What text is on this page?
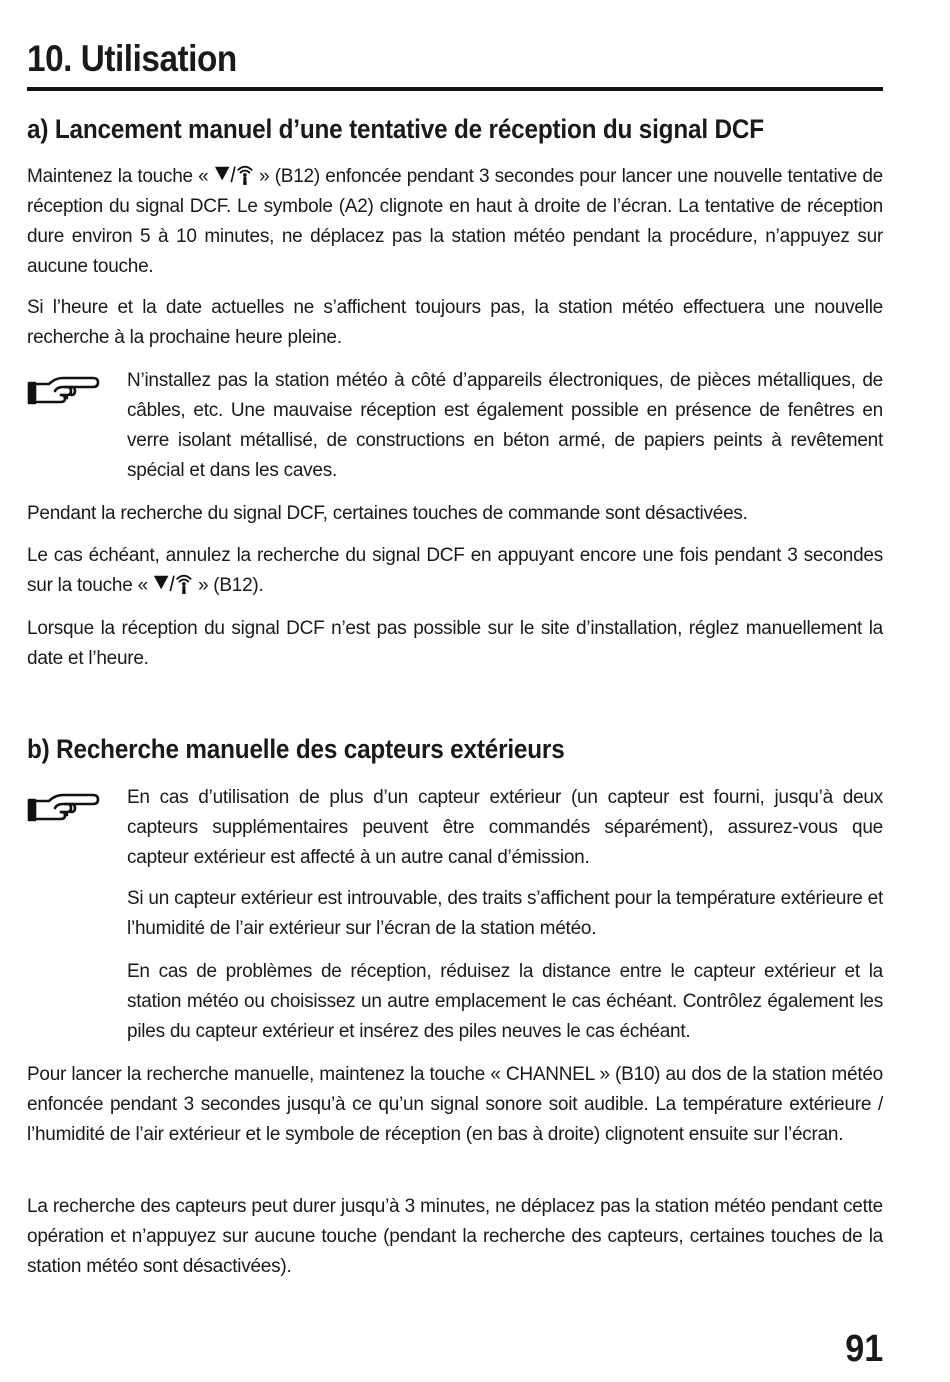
10. Utilisation
a) Lancement manuel d’une tentative de réception du signal DCF

Maintenez la touche «  » (B12) enfoncée pendant 3 secondes pour lancer une nouvelle tentative de réception du signal DCF. Le symbole (A2) clignote en haut à droite de l’écran. La tentative de réception dure environ 5 à 10 minutes, ne déplacez pas la station météo pendant la procédure, n’appuyez sur aucune touche.

Si l’heure et la date actuelles ne s’affichent toujours pas, la station météo effectuera une nouvelle recherche à la prochaine heure pleine.

N’installez pas la station météo à côté d’appareils électroniques, de pièces métalliques, de câbles, etc. Une mauvaise réception est également possible en présence de fenêtres en verre isolant métallisé, de constructions en béton armé, de papiers peints à revêtement spécial et dans les caves.

Pendant la recherche du signal DCF, certaines touches de commande sont désactivées.

Le cas échéant, annulez la recherche du signal DCF en appuyant encore une fois pendant 3 secondes sur la touche «  » (B12).

Lorsque la réception du signal DCF n’est pas possible sur le site d’installation, réglez manuellement la date et l’heure.

b) Recherche manuelle des capteurs extérieurs

En cas d’utilisation de plus d’un capteur extérieur (un capteur est fourni, jusqu’à deux capteurs supplémentaires peuvent être commandés séparément), assurez-vous que capteur extérieur est affecté à un autre canal d’émission.

Si un capteur extérieur est introuvable, des traits s’affichent pour la température extérieure et l’humidité de l’air extérieur sur l’écran de la station météo.

En cas de problèmes de réception, réduisez la distance entre le capteur extérieur et la station météo ou choisissez un autre emplacement le cas échéant. Contrôlez également les piles du capteur extérieur et insérez des piles neuves le cas échéant.

Pour lancer la recherche manuelle, maintenez la touche « CHANNEL » (B10) au dos de la station météo enfoncée pendant 3 secondes jusqu’à ce qu’un signal sonore soit audible. La température extérieure / l’humidité de l’air extérieur et le symbole de réception (en bas à droite) clignotent ensuite sur l’écran.

La recherche des capteurs peut durer jusqu’à 3 minutes, ne déplacez pas la station météo pendant cette opération et n’appuyez sur aucune touche (pendant la recherche des capteurs, certaines touches de la station météo sont désactivées).

91
